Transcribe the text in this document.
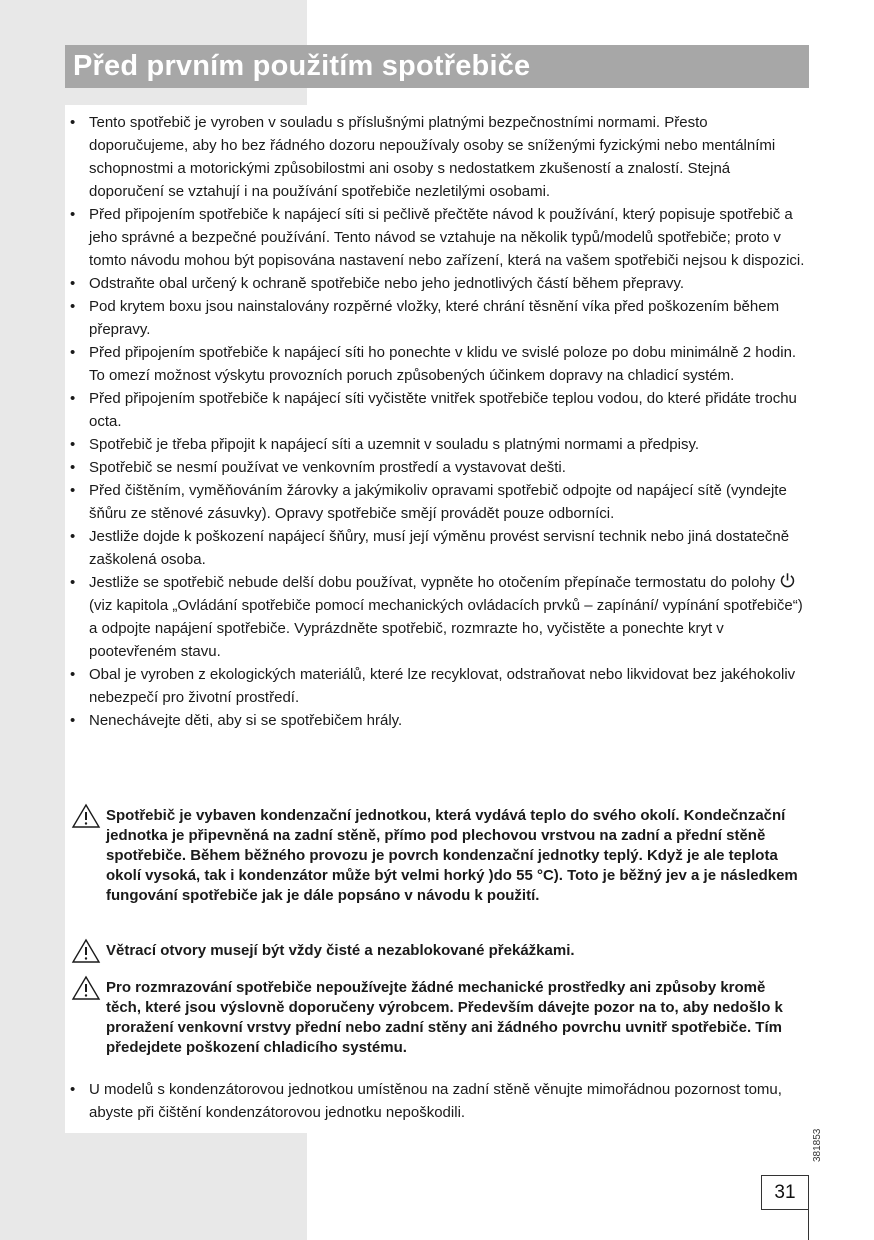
Před prvním použitím spotřebiče
• Tento spotřebič je vyroben v souladu s příslušnými platnými bezpečnostními normami. Přesto doporučujeme, aby ho bez řádného dozoru nepoužívaly osoby se sníženými fyzickými nebo mentálními schopnostmi a motorickými způsobilostmi ani osoby s nedostatkem zkušeností a znalostí. Stejná doporučení se vztahují i na používání spotřebiče nezletilými osobami.
• Před připojením spotřebiče k napájecí síti si pečlivě přečtěte návod k používání, který popisuje spotřebič a jeho správné a bezpečné používání. Tento návod se vztahuje na několik typů/modelů spotřebiče; proto v tomto návodu mohou být popisována nastavení nebo zařízení, která na vašem spotřebiči nejsou k dispozici.
• Odstraňte obal určený k ochraně spotřebiče nebo jeho jednotlivých částí během přepravy.
• Pod krytem boxu jsou nainstalovány rozpěrné vložky, které chrání těsnění víka před poškozením během přepravy.
• Před připojením spotřebiče k napájecí síti ho ponechte v klidu ve svislé poloze po dobu minimálně 2 hodin. To omezí možnost výskytu provozních poruch způsobených účinkem dopravy na chladicí systém.
• Před připojením spotřebiče k napájecí síti vyčistěte vnitřek spotřebiče teplou vodou, do které přidáte trochu octa.
• Spotřebič je třeba připojit k napájecí síti a uzemnit v souladu s platnými normami a předpisy.
• Spotřebič se nesmí používat ve venkovním prostředí a vystavovat dešti.
• Před čištěním, vyměňováním žárovky a jakýmikoliv opravami spotřebič odpojte od napájecí sítě (vyndejte šňůru ze stěnové zásuvky). Opravy spotřebiče smějí provádět pouze odborníci.
• Jestliže dojde k poškození napájecí šňůry, musí její výměnu provést servisní technik nebo jiná dostatečně zaškolená osoba.
• Jestliže se spotřebič nebude delší dobu používat, vypněte ho otočením přepínače termostatu do polohy  (viz kapitola „Ovládání spotřebiče pomocí mechanických ovládacích prvků – zapínání/ vypínání spotřebiče“) a odpojte napájení spotřebiče. Vyprázdněte spotřebič, rozmrazte ho, vyčistěte a ponechte kryt v pootevřeném stavu.
• Obal je vyroben z ekologických materiálů, které lze recyklovat, odstraňovat nebo likvidovat bez jakéhokoliv nebezpečí pro životní prostředí.
• Nenechávejte děti, aby si se spotřebičem hrály.

Spotřebič je vybaven kondenzační jednotkou, která vydává teplo do svého okolí. Kondečnzační jednotka je připevněná na zadní stěně, přímo pod plechovou vrstvou na zadní a přední stěně spotřebiče. Během běžného provozu je povrch kondenzační jednotky teplý. Když je ale teplota okolí vysoká, tak i kondenzátor může být velmi horký )do 55 °C). Toto je běžný jev a je následkem fungování spotřebiče jak je dále popsáno v návodu k použití.

Větrací otvory musejí být vždy čisté a nezablokované překážkami.

Pro rozmrazování spotřebiče nepoužívejte žádné mechanické prostředky ani způsoby kromě těch, které jsou výslovně doporučeny výrobcem. Především dávejte pozor na to, aby nedošlo k proražení venkovní vrstvy přední nebo zadní stěny ani žádného povrchu uvnitř spotřebiče. Tím předejdete poškození chladicího systému.

• U modelů s kondenzátorovou jednotkou umístěnou na zadní stěně věnujte mimořádnou pozornost tomu, abyste při čištění kondenzátorovou jednotku nepoškodili.
381853
31
